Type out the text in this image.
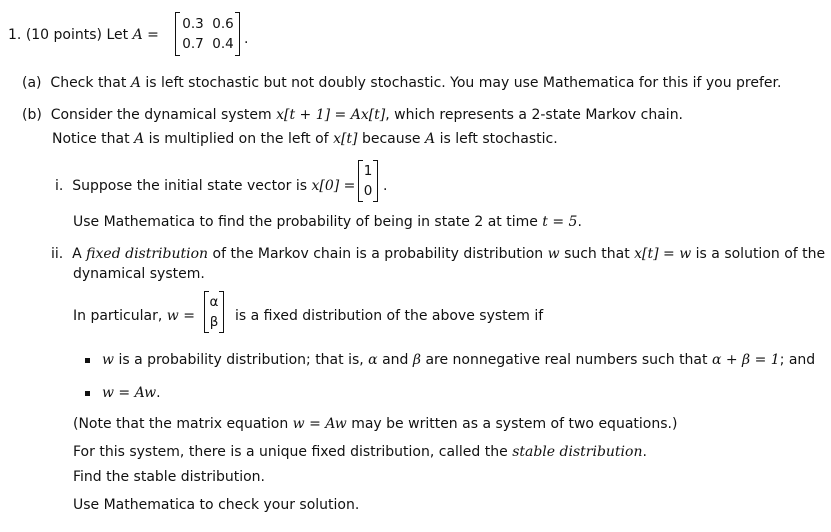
1. (10 points) Let A =
0.3 0.6
0.7 0.4 .
(a) Check that A is left stochastic but not doubly stochastic. You may use Mathematica for this if you prefer.
(b) Consider the dynamical system x[t + 1] = Ax[t], which represents a 2-state Markov chain.
Notice that A is multiplied on the left of x[t] because A is left stochastic.
i. Suppose the initial state vector is x[0] =
1
0 .
Use Mathematica to find the probability of being in state 2 at time t = 5.
ii. A fixed distribution of the Markov chain is a probability distribution w such that x[t] = w is a solution of the
dynamical system.
In particular, w =
α
β is a fixed distribution of the above system if
w is a probability distribution; that is, α and β are nonnegative real numbers such that α + β = 1; and
w = Aw.
(Note that the matrix equation w = Aw may be written as a system of two equations.)
For this system, there is a unique fixed distribution, called the stable distribution.
Find the stable distribution.
Use Mathematica to check your solution.
